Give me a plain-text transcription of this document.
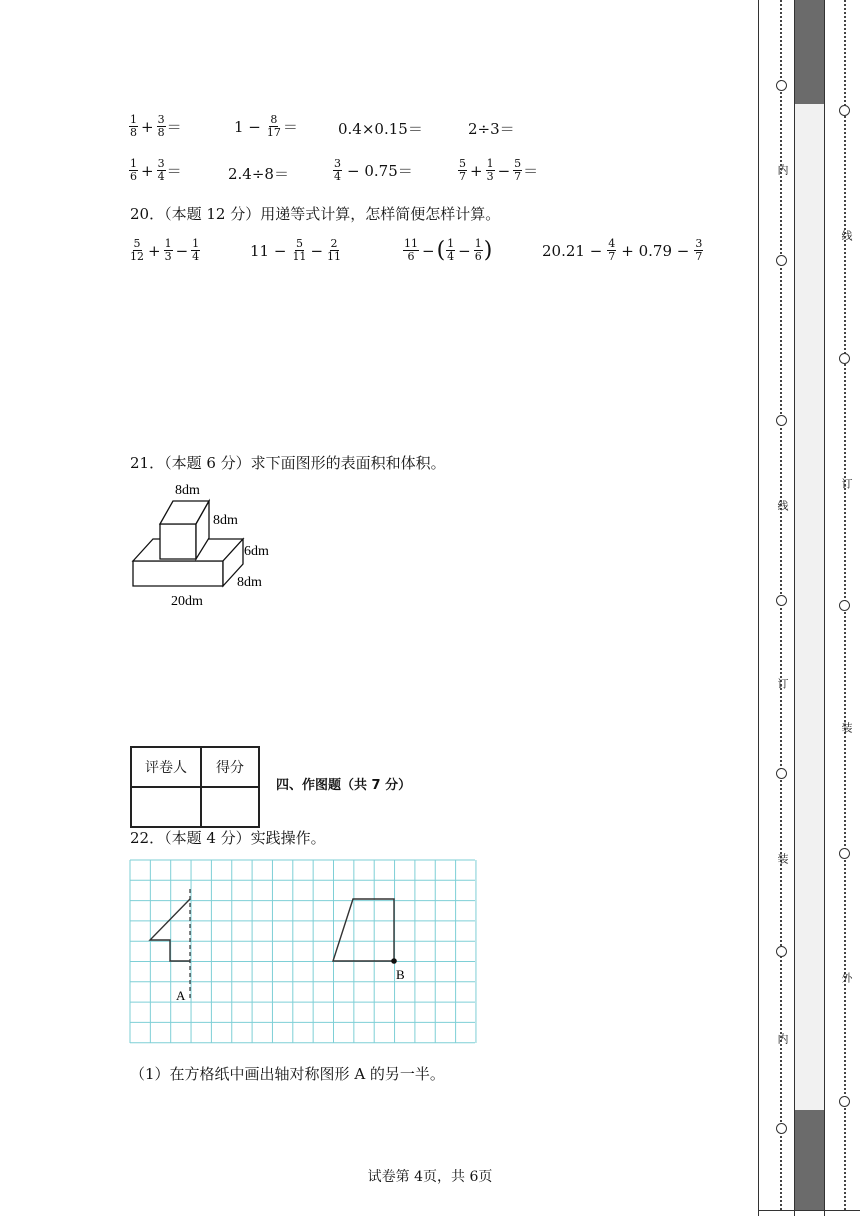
$\frac{1}{8} + \frac{3}{8}$ ＝	$1 - \frac{8}{17}$ ＝	0.4×0.15＝	2÷3＝
$\frac{1}{6} + \frac{3}{4}$ ＝	2.4÷8＝	$\frac{3}{4} - 0.75=$	$\frac{5}{7} + \frac{1}{3} - \frac{5}{7}$ ＝
20．（本题 12 分）用递等式计算，怎样简便怎样计算。
$\frac{5}{12} + \frac{1}{3} - \frac{1}{4}$	$11 - \frac{5}{11} - \frac{2}{11}$	$\frac{11}{6}$ − ( $\frac{1}{4} - \frac{1}{6}$ )	$20.21 - \frac{4}{7} + 0.79 - \frac{3}{7}$
21．（本题 6 分）求下面图形的表面积和体积。
8dm
8dm
6dm
8dm
20dm
评卷人	得分

四、作图题（共 7 分）
22．（本题 4 分）实践操作。
A
B
（1）在方格纸中画出轴对称图形 A 的另一半。
试卷第 4页，共 6页
内
线
订
装
内
线
订
装
外
